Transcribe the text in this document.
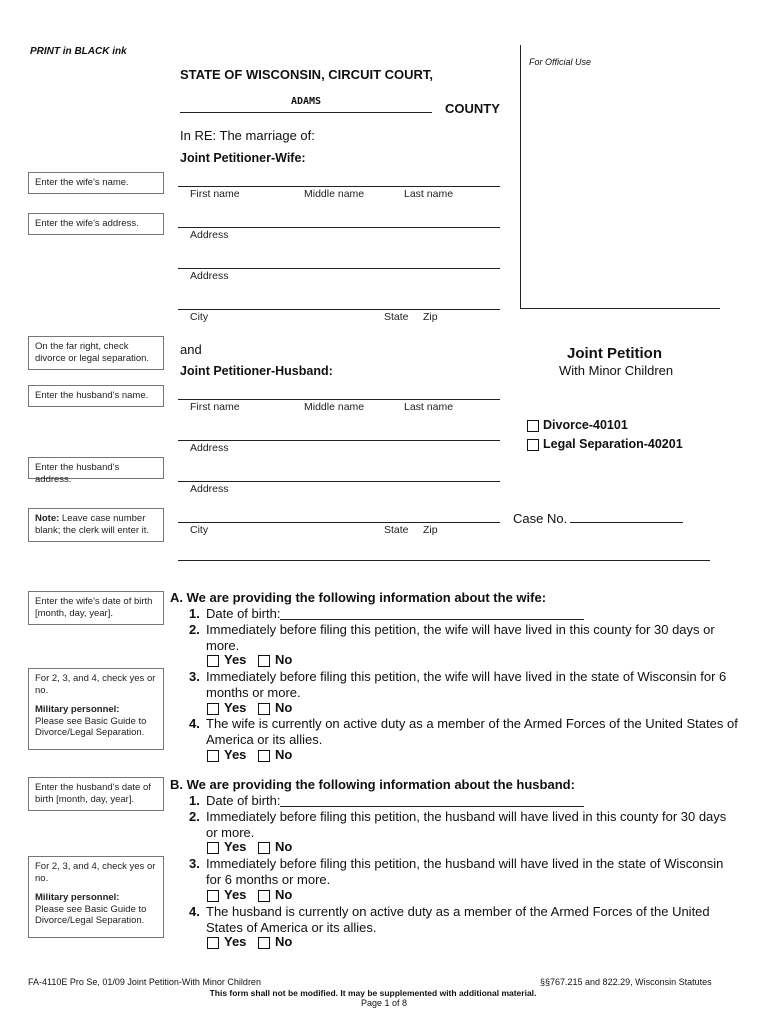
PRINT in BLACK ink
STATE OF WISCONSIN, CIRCUIT COURT,
ADAMS	COUNTY
For Official Use
In RE: The marriage of:
Joint Petitioner-Wife:
First name	Middle name	Last name
Address
Address
City	State Zip
and
Joint Petitioner-Husband:
First name	Middle name	Last name
Address
Address
City	State Zip
Joint Petition
With Minor Children
Divorce-40101
Legal Separation-40201
Case No.
Enter the wife's name.
Enter the wife's address.
On the far right, check divorce or legal separation.
Enter the husband's name.
Enter the husband's address.
Note: Leave case number blank; the clerk will enter it.
Enter the wife's date of birth [month, day, year].
For 2, 3, and 4, check yes or no.
Military personnel:
Please see Basic Guide to Divorce/Legal Separation.
Enter the husband's date of birth [month, day, year].
For 2, 3, and 4, check yes or no.
Military personnel:
Please see Basic Guide to Divorce/Legal Separation.
A. We are providing the following information about the wife:
1. Date of birth:
2. Immediately before filing this petition, the wife will have lived in this county for 30 days or
more.
Yes No
3. Immediately before filing this petition, the wife will have lived in the state of Wisconsin for 6
months or more.
Yes No
4. The wife is currently on active duty as a member of the Armed Forces of the United States of
America or its allies.
Yes No
B. We are providing the following information about the husband:
1. Date of birth:
2. Immediately before filing this petition, the husband will have lived in this county for 30 days
or more.
Yes No
3. Immediately before filing this petition, the husband will have lived in the state of Wisconsin
for 6 months or more.
Yes No
4. The husband is currently on active duty as a member of the Armed Forces of the United
States of America or its allies.
Yes No
FA-4110E Pro Se, 01/09 Joint Petition-With Minor Children	§§767.215 and 822.29, Wisconsin Statutes
This form shall not be modified. It may be supplemented with additional material.
Page 1 of 8
